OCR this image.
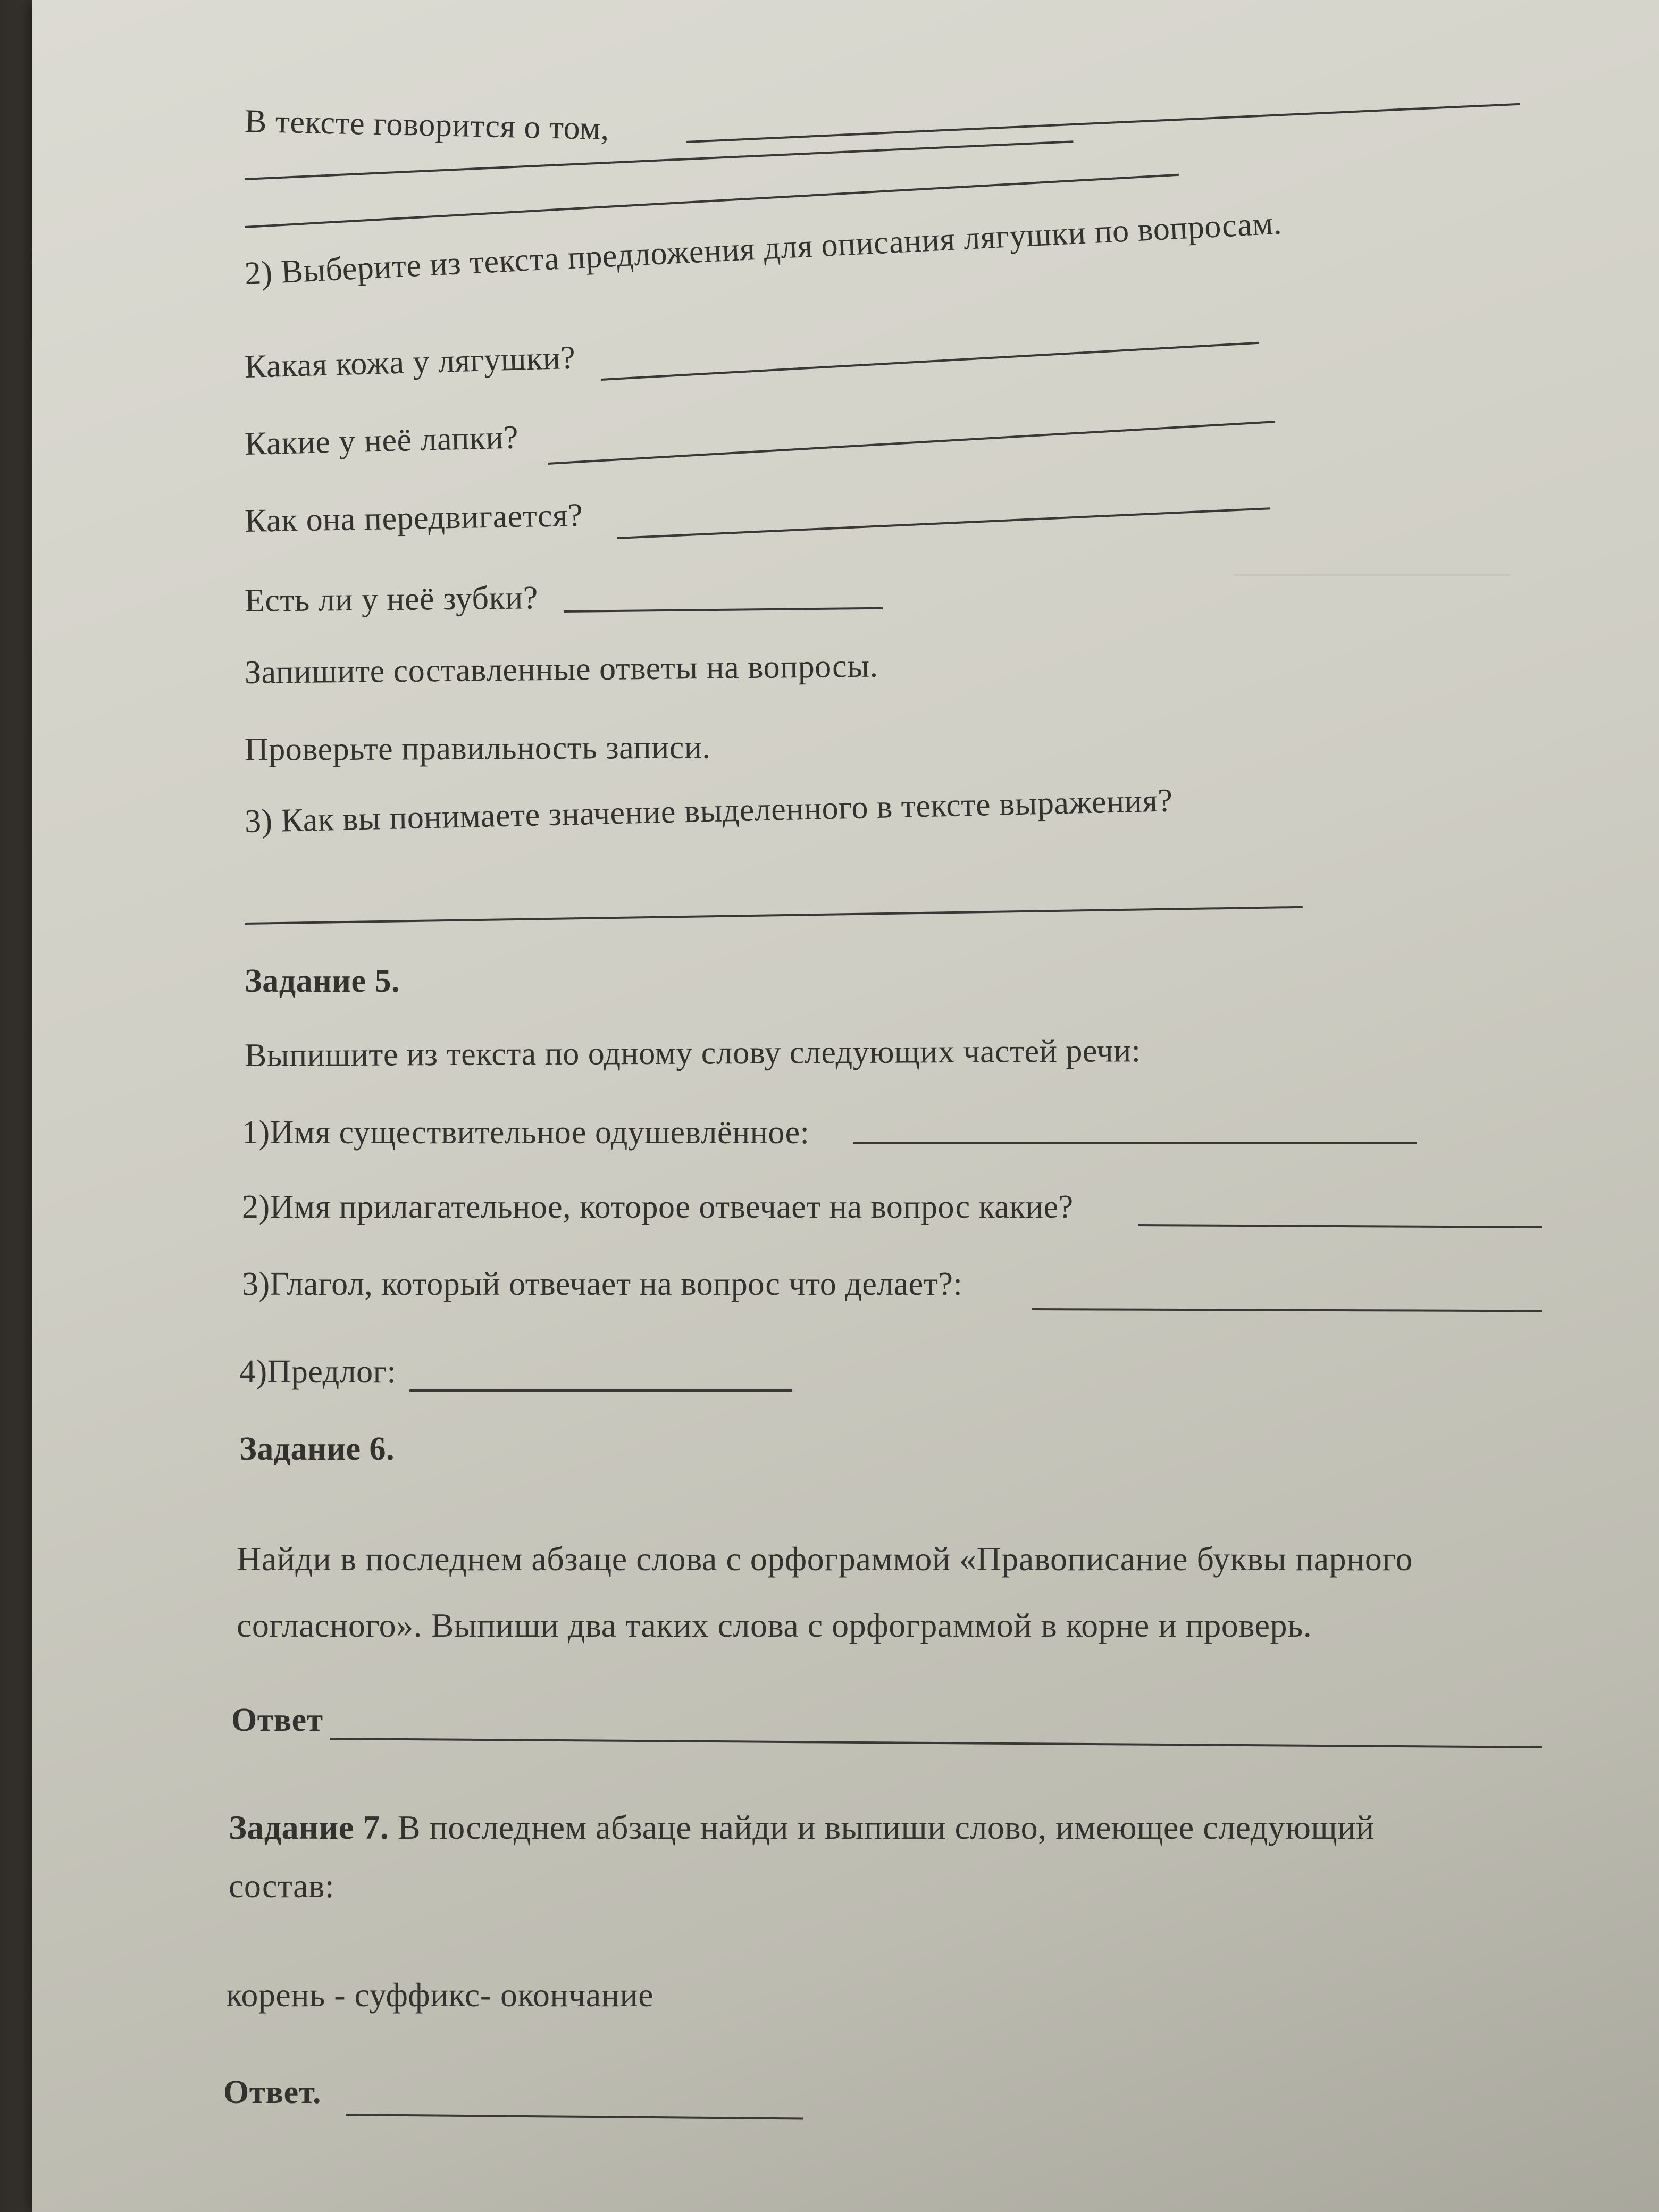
В тексте говорится о том,
2) Выберите из текста предложения для описания лягушки по вопросам.
Какая кожа у лягушки?
Какие у неё лапки?
Как она передвигается?
Есть ли у неё зубки?
Запишите составленные ответы на вопросы.
Проверьте правильность записи.
3) Как вы понимаете значение выделенного в тексте выражения?
Задание 5.
Выпишите из текста по одному слову следующих частей речи:
1)Имя существительное одушевлённое:
2)Имя прилагательное, которое отвечает на вопрос какие?
3)Глагол, который отвечает на вопрос что делает?:
4)Предлог:
Задание 6.
Найди в последнем абзаце слова с орфограммой «Правописание буквы парного
согласного». Выпиши два таких слова с орфограммой в корне и проверь.
Ответ
Задание 7. В последнем абзаце найди и выпиши слово, имеющее следующий
состав:
корень - суффикс- окончание
Ответ.
